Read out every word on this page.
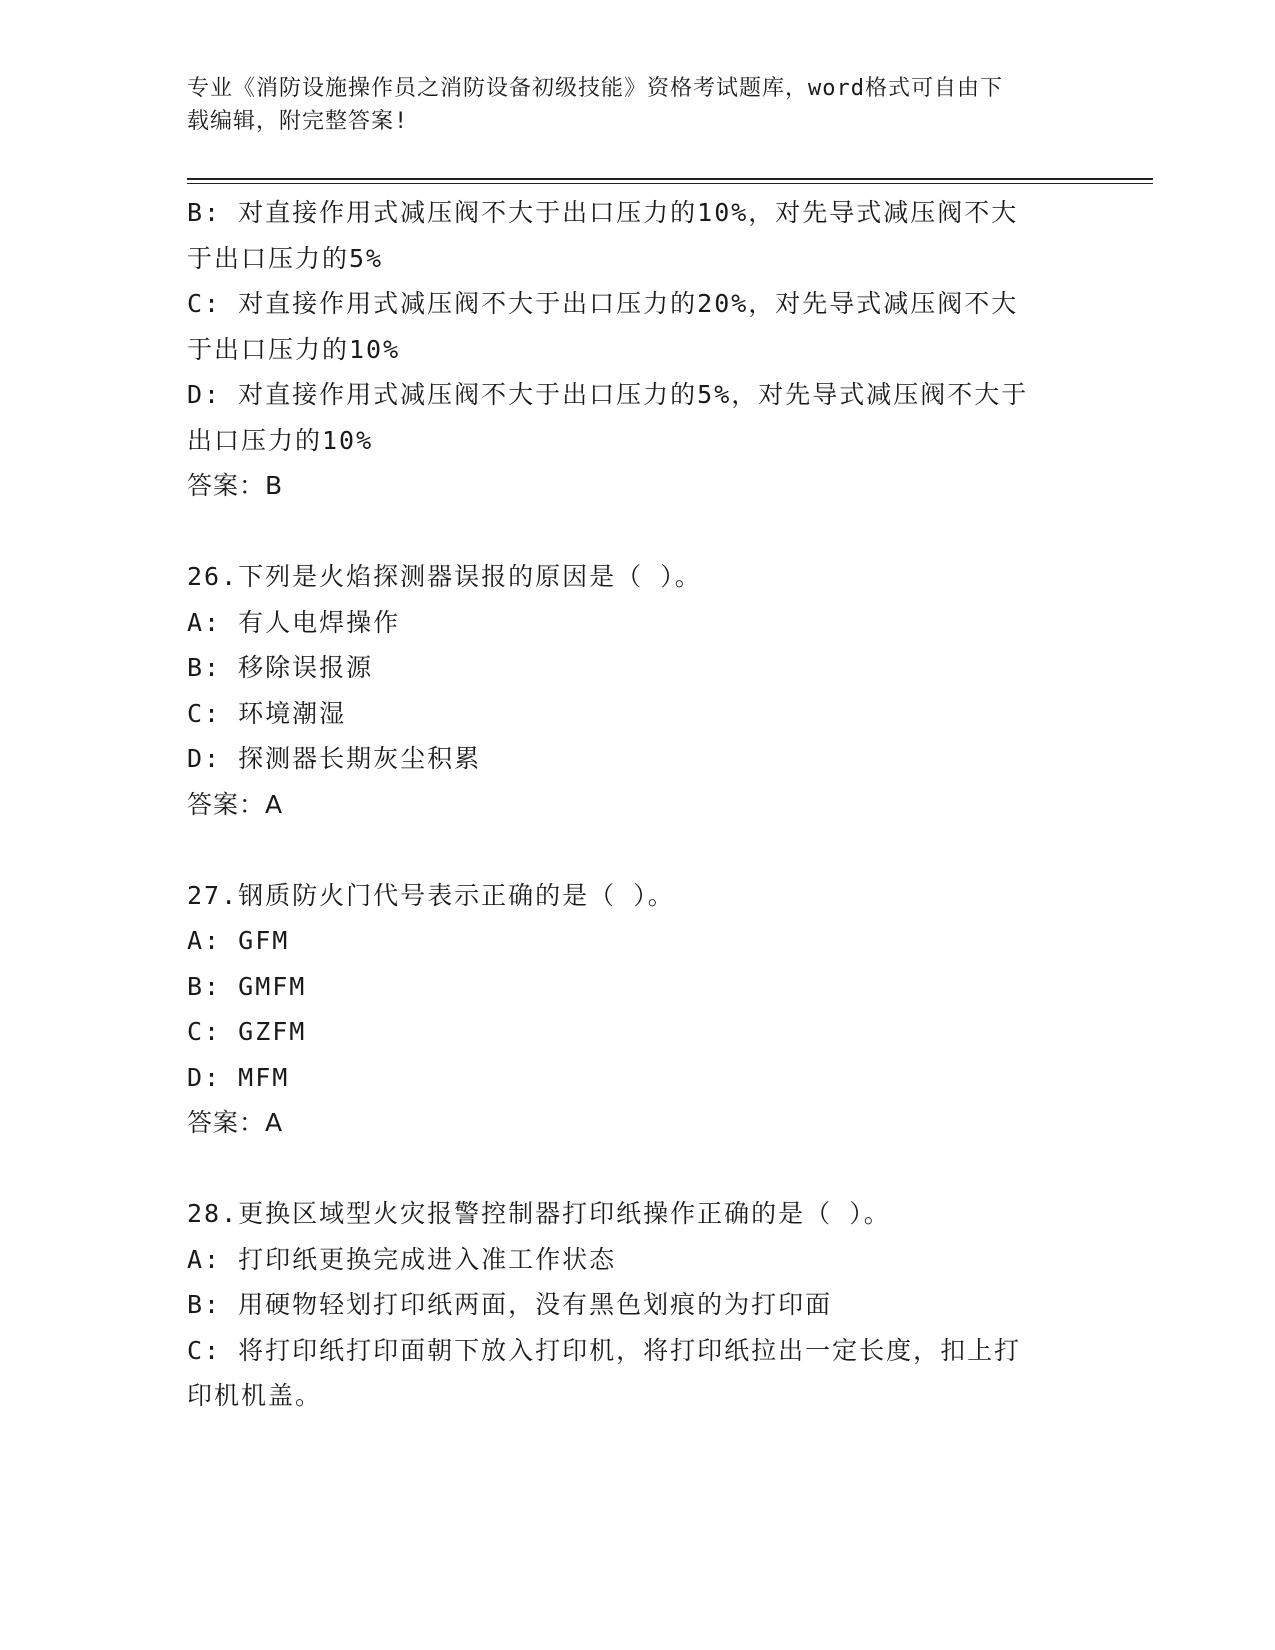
专业《消防设施操作员之消防设备初级技能》资格考试题库，word格式可自由下
载编辑，附完整答案!
B: 对直接作用式减压阀不大于出口压力的10%，对先导式减压阀不大
于出口压力的5%
C: 对直接作用式减压阀不大于出口压力的20%，对先导式减压阀不大
于出口压力的10%
D: 对直接作用式减压阀不大于出口压力的5%，对先导式减压阀不大于
出口压力的10%
答案：B
26.下列是火焰探测器误报的原因是（ ）。
A: 有人电焊操作
B: 移除误报源
C: 环境潮湿
D: 探测器长期灰尘积累
答案：A
27.钢质防火门代号表示正确的是（ ）。
A: GFM
B: GMFM
C: GZFM
D: MFM
答案：A
28.更换区域型火灾报警控制器打印纸操作正确的是（ ）。
A: 打印纸更换完成进入准工作状态
B: 用硬物轻划打印纸两面，没有黑色划痕的为打印面
C: 将打印纸打印面朝下放入打印机，将打印纸拉出一定长度，扣上打
印机机盖。
